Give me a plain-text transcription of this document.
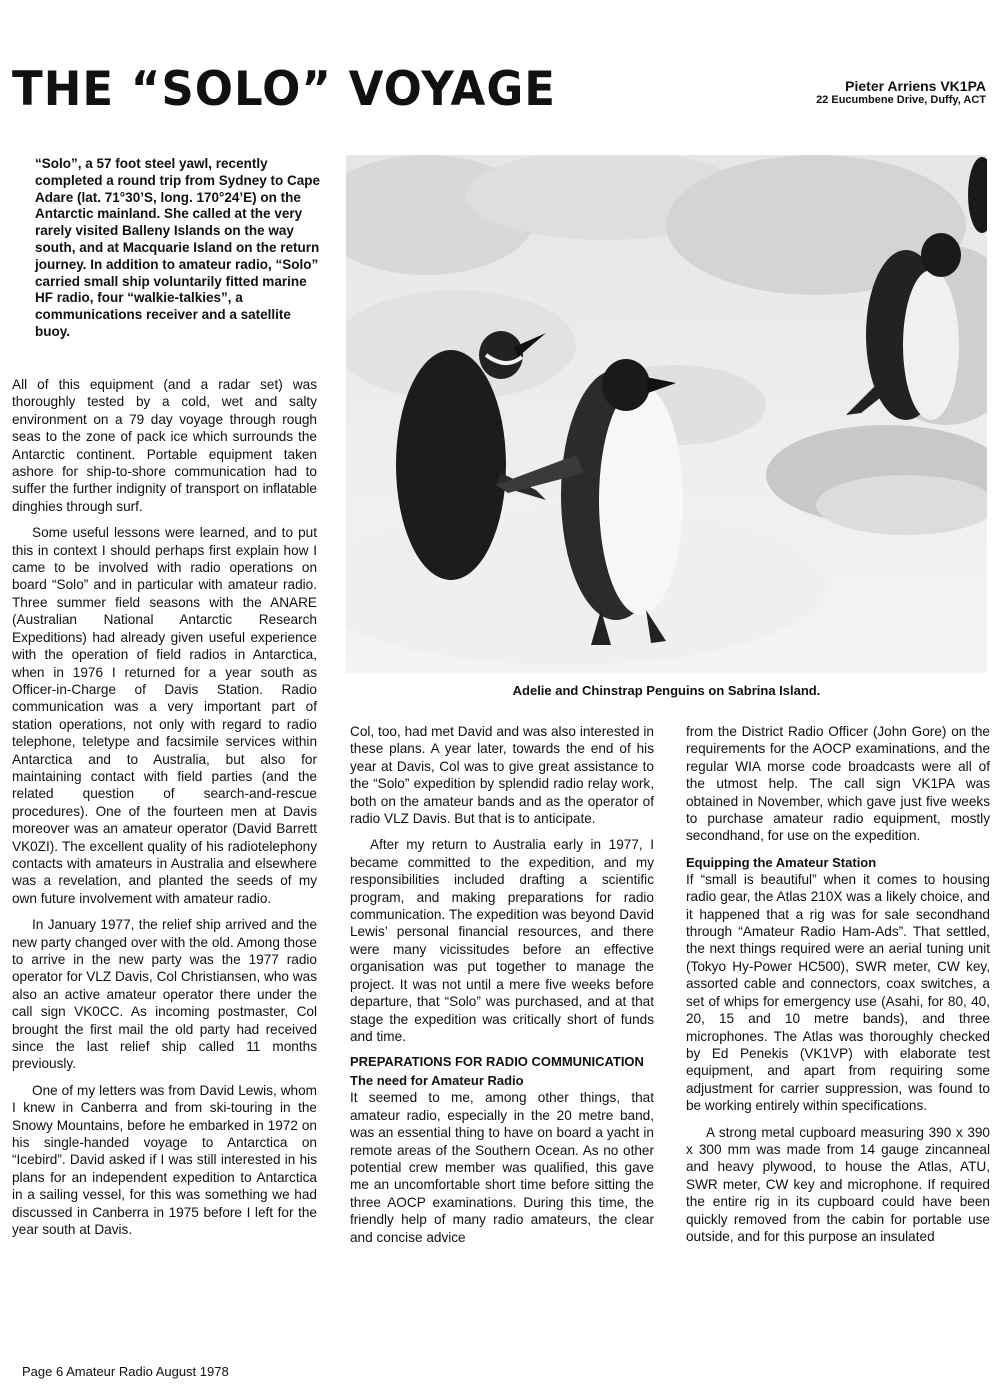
THE “SOLO” VOYAGE	Pieter Arriens VK1PA
22 Eucumbene Drive, Duffy, ACT

“Solo”, a 57 foot steel yawl, recently completed a round trip from Sydney to Cape Adare (lat. 71°30’S, long. 170°24’E) on the Antarctic mainland. She called at the very rarely visited Balleny Islands on the way south, and at Macquarie Island on the return journey. In addition to amateur radio, “Solo” carried small ship voluntarily fitted marine HF radio, four “walkie-talkies”, a communications receiver and a satellite buoy.

Adelie and Chinstrap Penguins on Sabrina Island.

All of this equipment (and a radar set) was thoroughly tested by a cold, wet and salty environment on a 79 day voyage through rough seas to the zone of pack ice which surrounds the Antarctic continent. Portable equipment taken ashore for ship-to-shore communication had to suffer the further indignity of transport on inflatable dinghies through surf.

Some useful lessons were learned, and to put this in context I should perhaps first explain how I came to be involved with radio operations on board “Solo” and in particular with amateur radio. Three summer field seasons with the ANARE (Australian National Antarctic Research Expeditions) had already given useful experience with the operation of field radios in Antarctica, when in 1976 I returned for a year south as Officer-in-Charge of Davis Station. Radio communication was a very important part of station operations, not only with regard to radio telephone, teletype and facsimile services within Antarctica and to Australia, but also for maintaining contact with field parties (and the related question of search-and-rescue procedures). One of the fourteen men at Davis moreover was an amateur operator (David Barrett VK0ZI). The excellent quality of his radiotelephony contacts with amateurs in Australia and elsewhere was a revelation, and planted the seeds of my own future involvement with amateur radio.

In January 1977, the relief ship arrived and the new party changed over with the old. Among those to arrive in the new party was the 1977 radio operator for VLZ Davis, Col Christiansen, who was also an active amateur operator there under the call sign VK0CC. As incoming postmaster, Col brought the first mail the old party had received since the last relief ship called 11 months previously.

One of my letters was from David Lewis, whom I knew in Canberra and from ski-touring in the Snowy Mountains, before he embarked in 1972 on his single-handed voyage to Antarctica on “Icebird”. David asked if I was still interested in his plans for an independent expedition to Antarctica in a sailing vessel, for this was something we had discussed in Canberra in 1975 before I left for the year south at Davis.

Col, too, had met David and was also interested in these plans. A year later, towards the end of his year at Davis, Col was to give great assistance to the “Solo” expedition by splendid radio relay work, both on the amateur bands and as the operator of radio VLZ Davis. But that is to anticipate.

After my return to Australia early in 1977, I became committed to the expedition, and my responsibilities included drafting a scientific program, and making preparations for radio communication. The expedition was beyond David Lewis’ personal financial resources, and there were many vicissitudes before an effective organisation was put together to manage the project. It was not until a mere five weeks before departure, that “Solo” was purchased, and at that stage the expedition was critically short of funds and time.

PREPARATIONS FOR RADIO COMMUNICATION
The need for Amateur Radio

It seemed to me, among other things, that amateur radio, especially in the 20 metre band, was an essential thing to have on board a yacht in remote areas of the Southern Ocean. As no other potential crew member was qualified, this gave me an uncomfortable short time before sitting the three AOCP examinations. During this time, the friendly help of many radio amateurs, the clear and concise advice

from the District Radio Officer (John Gore) on the requirements for the AOCP examinations, and the regular WIA morse code broadcasts were all of the utmost help. The call sign VK1PA was obtained in November, which gave just five weeks to purchase amateur radio equipment, mostly secondhand, for use on the expedition.

Equipping the Amateur Station

If “small is beautiful” when it comes to housing radio gear, the Atlas 210X was a likely choice, and it happened that a rig was for sale secondhand through “Amateur Radio Ham-Ads”. That settled, the next things required were an aerial tuning unit (Tokyo Hy-Power HC500), SWR meter, CW key, assorted cable and connectors, coax switches, a set of whips for emergency use (Asahi, for 80, 40, 20, 15 and 10 metre bands), and three microphones. The Atlas was thoroughly checked by Ed Penekis (VK1VP) with elaborate test equipment, and apart from requiring some adjustment for carrier suppression, was found to be working entirely within specifications.

A strong metal cupboard measuring 390 x 390 x 300 mm was made from 14 gauge zincanneal and heavy plywood, to house the Atlas, ATU, SWR meter, CW key and microphone. If required the entire rig in its cupboard could have been quickly removed from the cabin for portable use outside, and for this purpose an insulated

Page 6 Amateur Radio August 1978
